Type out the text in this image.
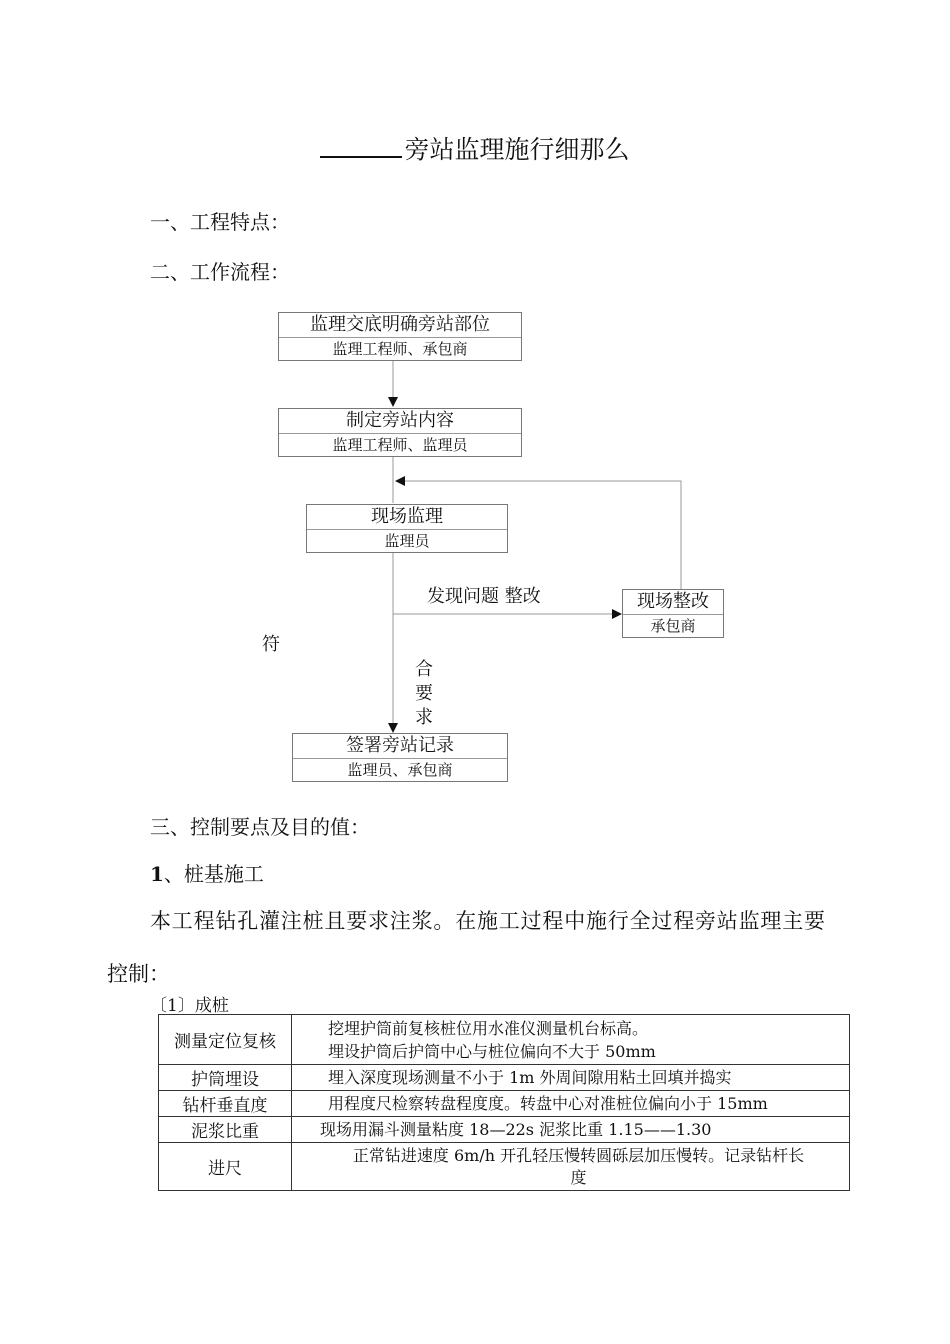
旁站监理施行细那么
一、工程特点：
二、工作流程：
监理交底明确旁站部位
监理工程师、承包商
制定旁站内容
监理工程师、监理员
现场监理
监理员
现场整改
承包商
签署旁站记录
监理员、承包商
发现问题 整改
符
合
要
求
三、控制要点及目的值：
1、桩基施工
本工程钻孔灌注桩且要求注浆。在施工过程中施行全过程旁站监理主要
控制：
〔1〕成桩
测量定位复核	挖埋护筒前复核桩位用水准仪测量机台标高。
埋设护筒后护筒中心与桩位偏向不大于 50mm

护筒埋设	埋入深度现场测量不小于 1m 外周间隙用粘土回填并捣实
钻杆垂直度	用程度尺检察转盘程度度。转盘中心对准桩位偏向小于 15mm
泥浆比重	现场用漏斗测量粘度 18—22s 泥浆比重 1.15——1.30
进尺	正常钻进速度 6m/h 开孔轻压慢转圆砾层加压慢转。记录钻杆长
度
